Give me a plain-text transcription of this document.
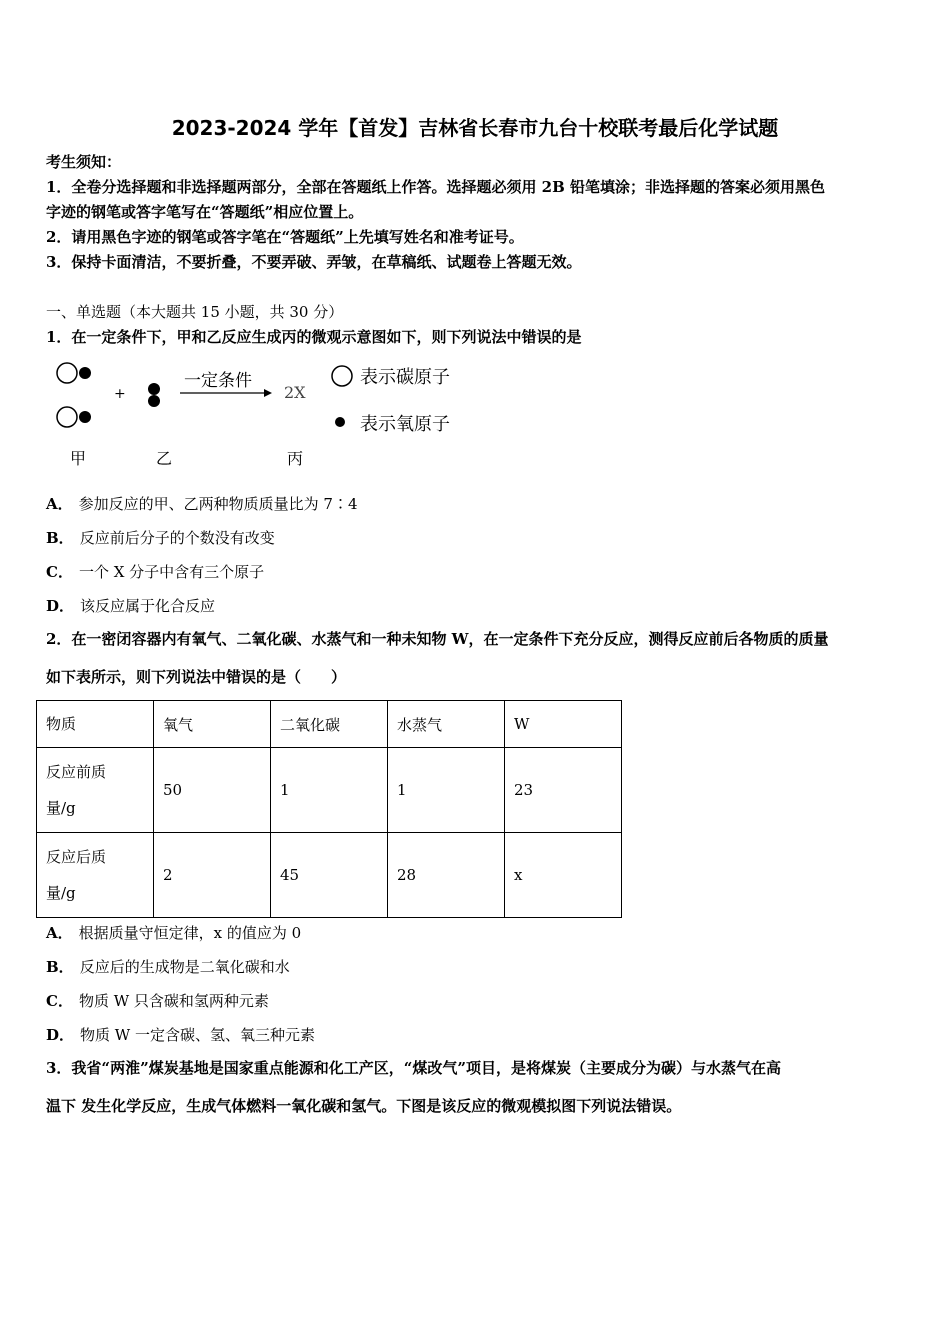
2023-2024 学年【首发】吉林省长春市九台十校联考最后化学试题
考生须知：
1．全卷分选择题和非选择题两部分，全部在答题纸上作答。选择题必须用 2B 铅笔填涂；非选择题的答案必须用黑色
字迹的钢笔或答字笔写在“答题纸”相应位置上。
2．请用黑色字迹的钢笔或答字笔在“答题纸”上先填写姓名和准考证号。
3．保持卡面清洁，不要折叠，不要弄破、弄皱，在草稿纸、试题卷上答题无效。
一、单选题（本大题共 15 小题，共 30 分）
1．在一定条件下，甲和乙反应生成丙的微观示意图如下，则下列说法中错误的是
+
一定条件
2X
表示碳原子
表示氧原子
甲	乙	丙
A． 参加反应的甲、乙两种物质质量比为 7∶4
B． 反应前后分子的个数没有改变
C． 一个 X 分子中含有三个原子
D． 该反应属于化合反应
2．在一密闭容器内有氧气、二氧化碳、水蒸气和一种未知物 W，在一定条件下充分反应，测得反应前后各物质的质量
如下表所示，则下列说法中错误的是（　　）
物质	氧气	二氧化碳	水蒸气	W

反应前质
量/g	50	1	1	23

反应后质
量/g	2	45	28	x
A． 根据质量守恒定律，x 的值应为 0
B． 反应后的生成物是二氧化碳和水
C． 物质 W 只含碳和氢两种元素
D． 物质 W 一定含碳、氢、氧三种元素
3．我省“两淮”煤炭基地是国家重点能源和化工产区，“煤改气”项目，是将煤炭（主要成分为碳）与水蒸气在高
温下 发生化学反应，生成气体燃料一氧化碳和氢气。下图是该反应的微观模拟图下列说法错误。
